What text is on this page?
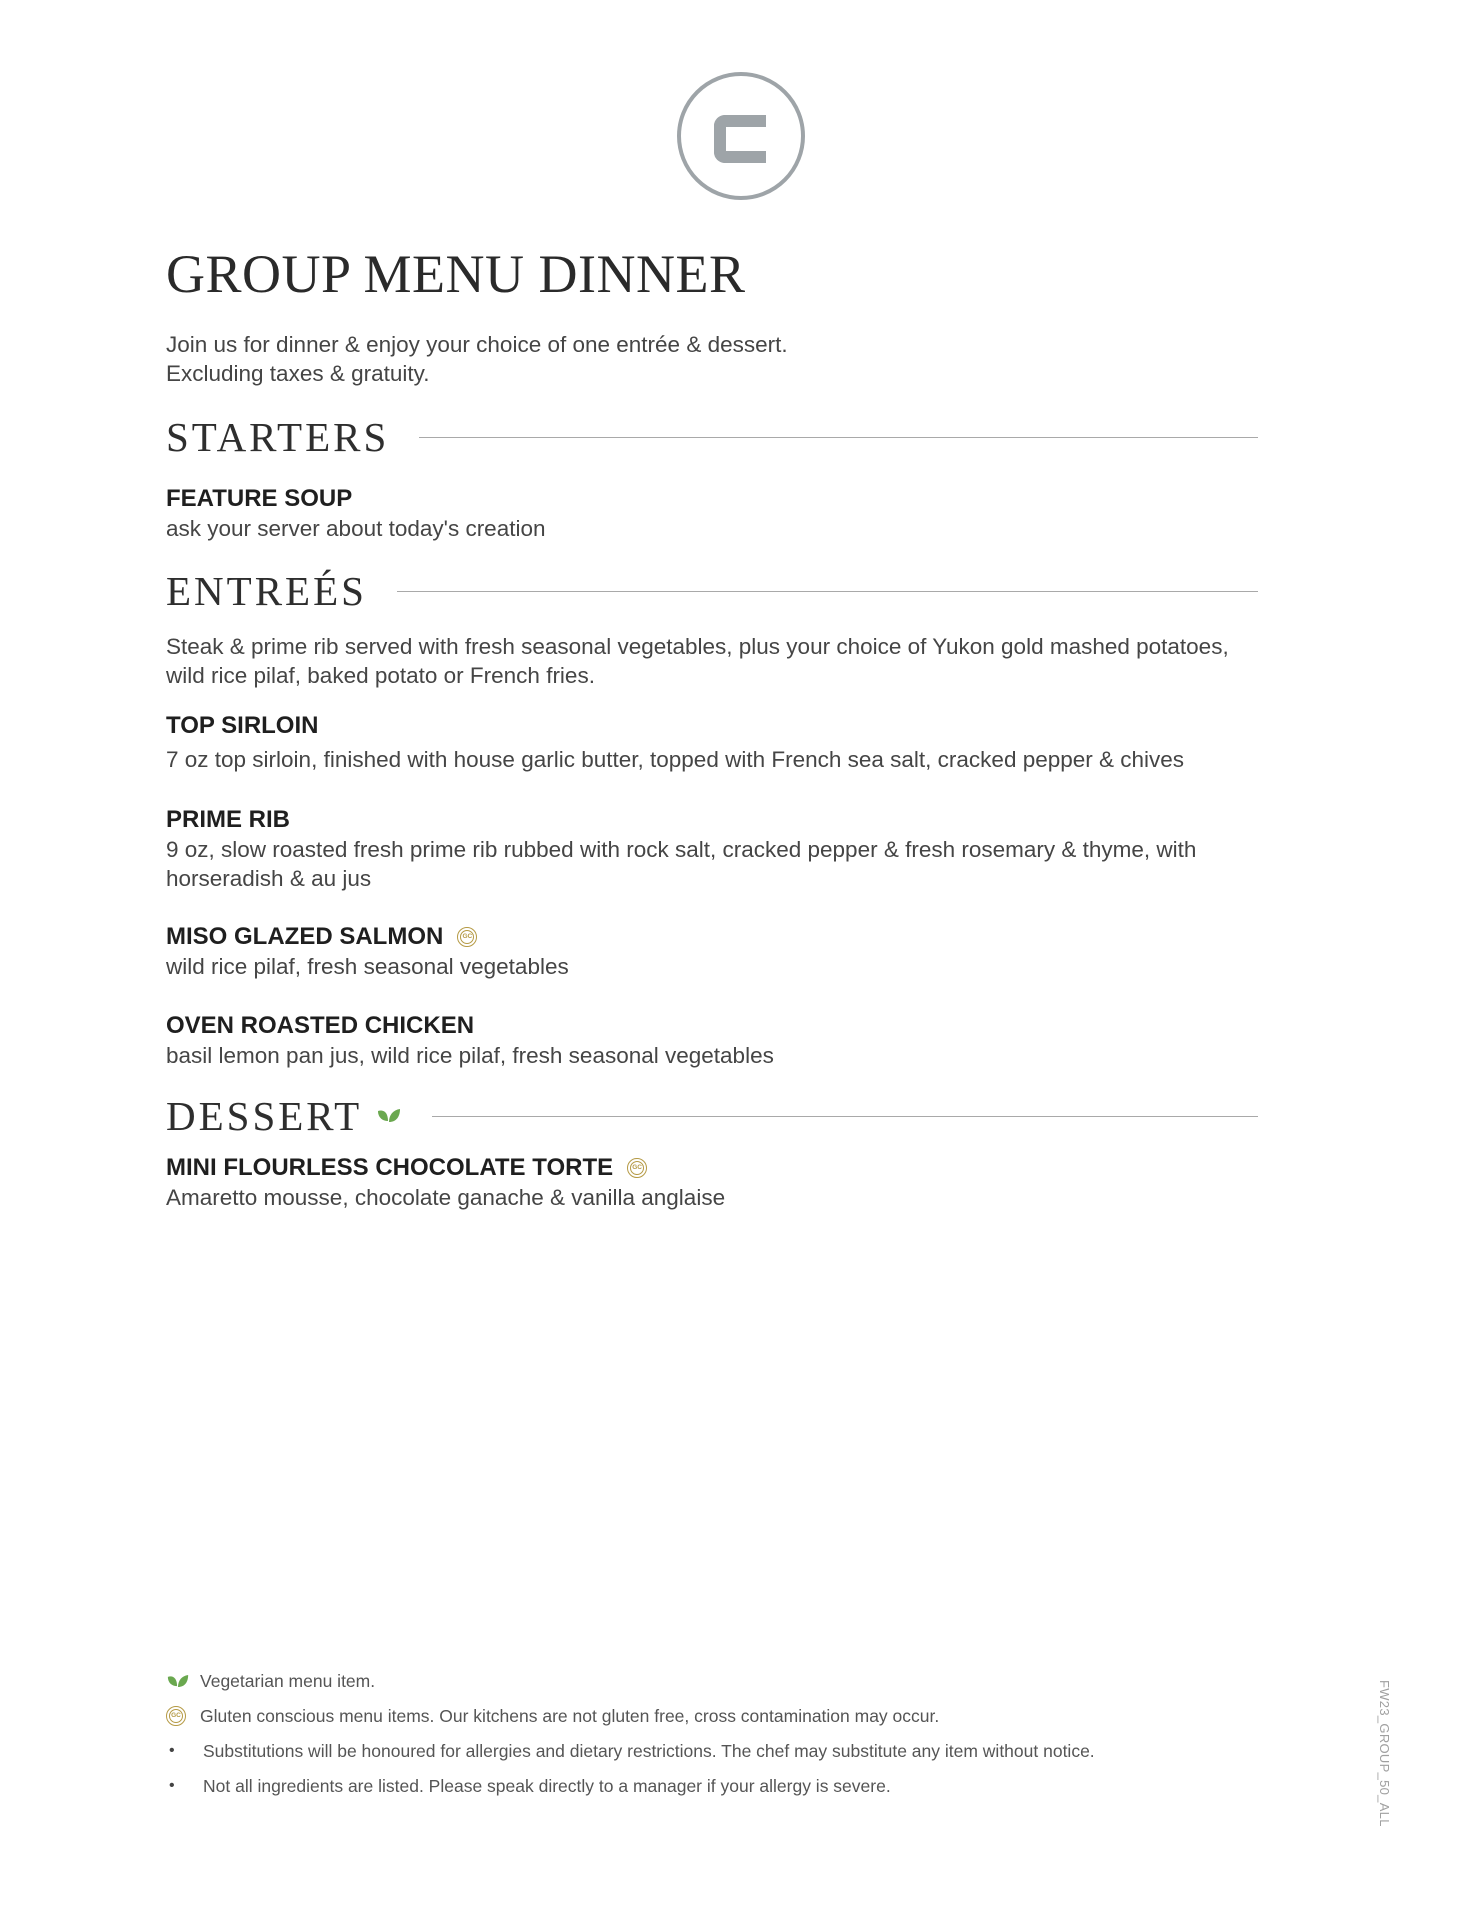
GROUP MENU DINNER
Join us for dinner & enjoy your choice of one entrée & dessert.
Excluding taxes & gratuity.
STARTERS
FEATURE SOUP
ask your server about today's creation
ENTREÉS
Steak & prime rib served with fresh seasonal vegetables, plus your choice of Yukon gold mashed potatoes, wild rice pilaf, baked potato or French fries.
TOP SIRLOIN
7 oz top sirloin, finished with house garlic butter, topped with French sea salt, cracked pepper & chives
PRIME RIB
9 oz, slow roasted fresh prime rib rubbed with rock salt, cracked pepper & fresh rosemary & thyme, with horseradish & au jus
MISO GLAZED SALMON	GC
wild rice pilaf, fresh seasonal vegetables
OVEN ROASTED CHICKEN
basil lemon pan jus, wild rice pilaf, fresh seasonal vegetables
DESSERT
MINI FLOURLESS CHOCOLATE TORTE	GC
Amaretto mousse, chocolate ganache & vanilla anglaise
Vegetarian menu item.
GC Gluten conscious menu items. Our kitchens are not gluten free, cross contamination may occur.
•	Substitutions will be honoured for allergies and dietary restrictions. The chef may substitute any item without notice.
•	Not all ingredients are listed. Please speak directly to a manager if your allergy is severe.	FW23_GROUP_50_ALL
